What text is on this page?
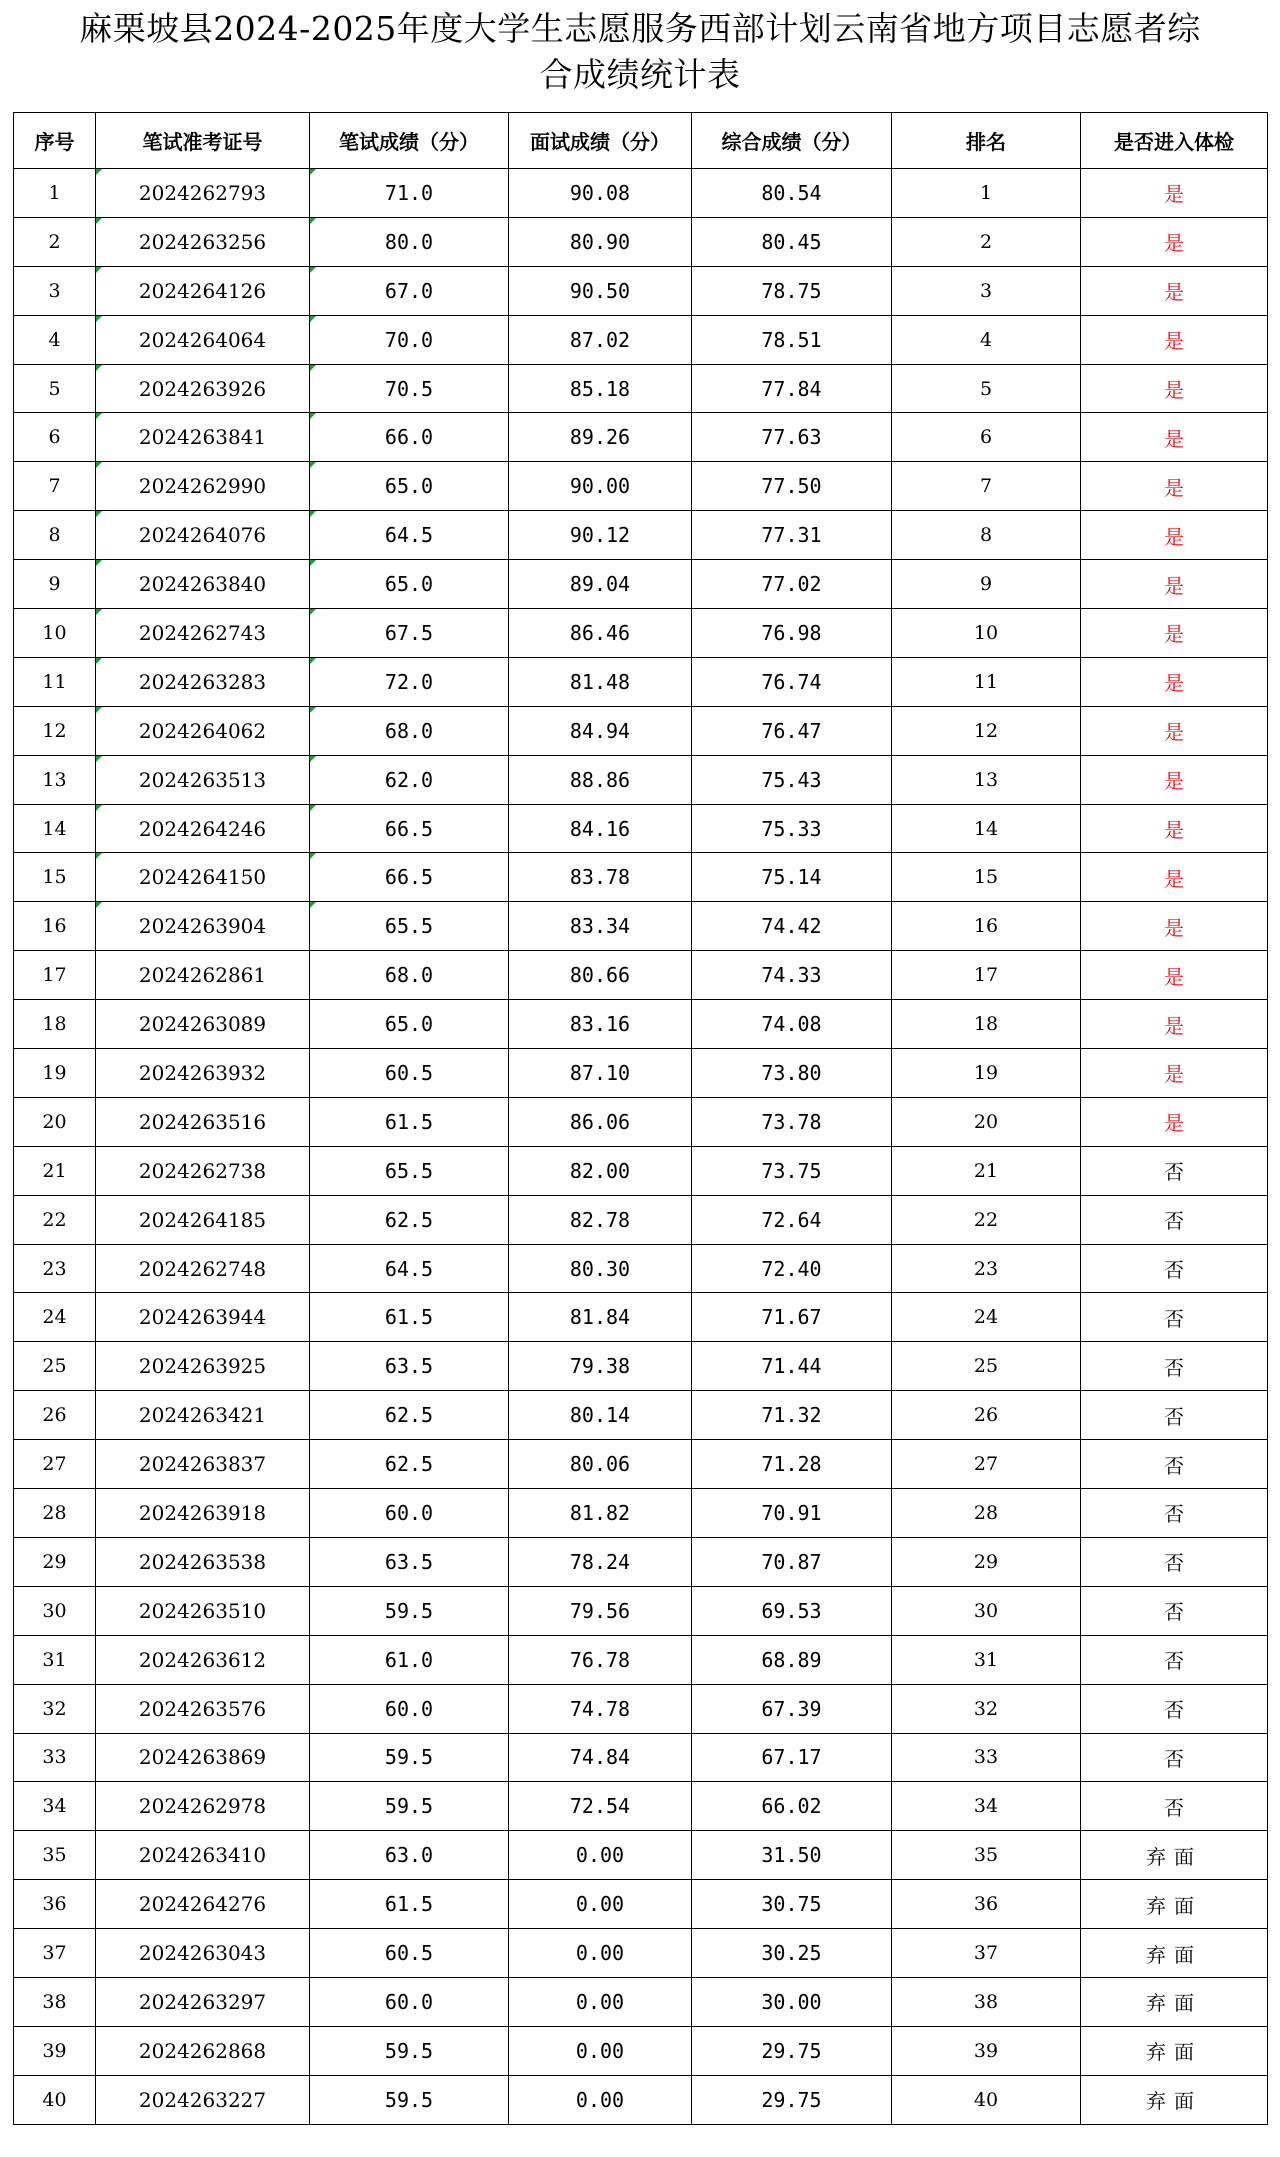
麻栗坡县2024-2025年度大学生志愿服务西部计划云南省地方项目志愿者综
合成绩统计表
序号	笔试准考证号	笔试成绩（分）	面试成绩（分）	综合成绩（分）	排名	是否进入体检
1	2024262793	71.0	90.08	80.54	1	是
2	2024263256	80.0	80.90	80.45	2	是
3	2024264126	67.0	90.50	78.75	3	是
4	2024264064	70.0	87.02	78.51	4	是
5	2024263926	70.5	85.18	77.84	5	是
6	2024263841	66.0	89.26	77.63	6	是
7	2024262990	65.0	90.00	77.50	7	是
8	2024264076	64.5	90.12	77.31	8	是
9	2024263840	65.0	89.04	77.02	9	是
10	2024262743	67.5	86.46	76.98	10	是
11	2024263283	72.0	81.48	76.74	11	是
12	2024264062	68.0	84.94	76.47	12	是
13	2024263513	62.0	88.86	75.43	13	是
14	2024264246	66.5	84.16	75.33	14	是
15	2024264150	66.5	83.78	75.14	15	是
16	2024263904	65.5	83.34	74.42	16	是
17	2024262861	68.0	80.66	74.33	17	是
18	2024263089	65.0	83.16	74.08	18	是
19	2024263932	60.5	87.10	73.80	19	是
20	2024263516	61.5	86.06	73.78	20	是
21	2024262738	65.5	82.00	73.75	21	否
22	2024264185	62.5	82.78	72.64	22	否
23	2024262748	64.5	80.30	72.40	23	否
24	2024263944	61.5	81.84	71.67	24	否
25	2024263925	63.5	79.38	71.44	25	否
26	2024263421	62.5	80.14	71.32	26	否
27	2024263837	62.5	80.06	71.28	27	否
28	2024263918	60.0	81.82	70.91	28	否
29	2024263538	63.5	78.24	70.87	29	否
30	2024263510	59.5	79.56	69.53	30	否
31	2024263612	61.0	76.78	68.89	31	否
32	2024263576	60.0	74.78	67.39	32	否
33	2024263869	59.5	74.84	67.17	33	否
34	2024262978	59.5	72.54	66.02	34	否
35	2024263410	63.0	0.00	31.50	35	弃面
36	2024264276	61.5	0.00	30.75	36	弃面
37	2024263043	60.5	0.00	30.25	37	弃面
38	2024263297	60.0	0.00	30.00	38	弃面
39	2024262868	59.5	0.00	29.75	39	弃面
40	2024263227	59.5	0.00	29.75	40	弃面
